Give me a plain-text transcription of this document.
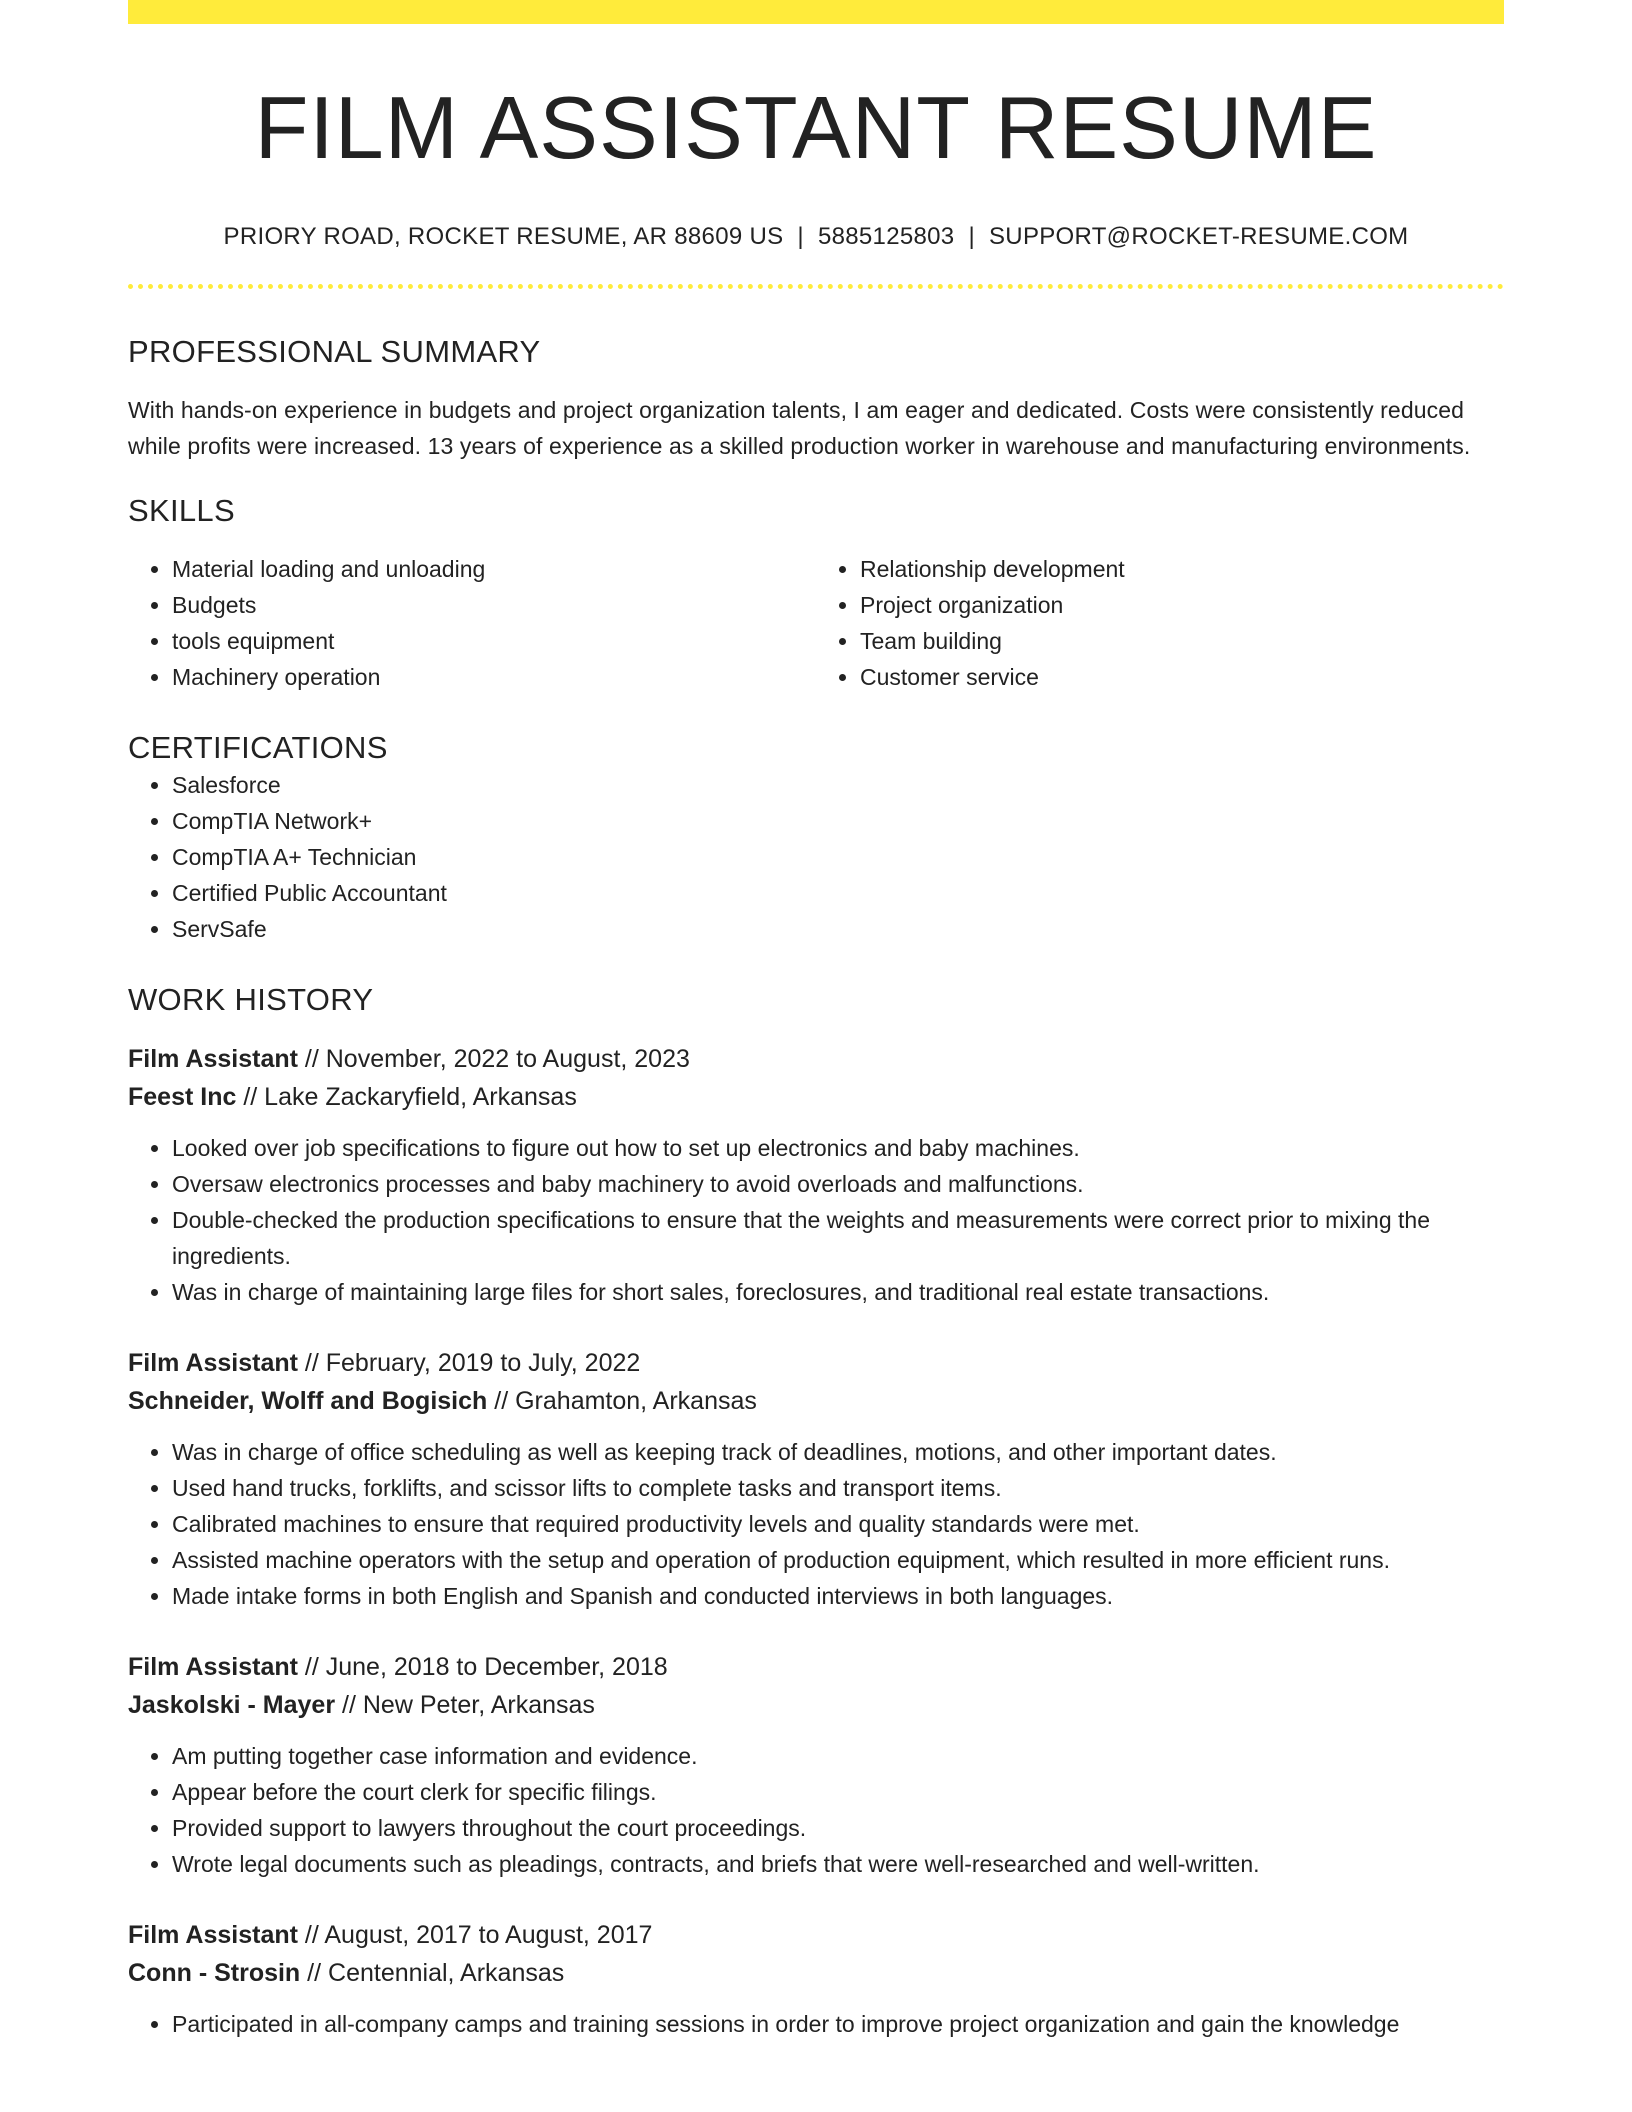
FILM ASSISTANT RESUME
PRIORY ROAD, ROCKET RESUME, AR 88609 US | 5885125803 | SUPPORT@ROCKET-RESUME.COM
PROFESSIONAL SUMMARY
With hands-on experience in budgets and project organization talents, I am eager and dedicated. Costs were consistently reduced while profits were increased. 13 years of experience as a skilled production worker in warehouse and manufacturing environments.
SKILLS
• Material loading and unloading
• Budgets
• tools equipment
• Machinery operation
• Relationship development
• Project organization
• Team building
• Customer service
CERTIFICATIONS
• Salesforce
• CompTIA Network+
• CompTIA A+ Technician
• Certified Public Accountant
• ServSafe
WORK HISTORY
Film Assistant // November, 2022 to August, 2023
Feest Inc // Lake Zackaryfield, Arkansas
• Looked over job specifications to figure out how to set up electronics and baby machines.
• Oversaw electronics processes and baby machinery to avoid overloads and malfunctions.
• Double-checked the production specifications to ensure that the weights and measurements were correct prior to mixing the ingredients.
• Was in charge of maintaining large files for short sales, foreclosures, and traditional real estate transactions.
Film Assistant // February, 2019 to July, 2022
Schneider, Wolff and Bogisich // Grahamton, Arkansas
• Was in charge of office scheduling as well as keeping track of deadlines, motions, and other important dates.
• Used hand trucks, forklifts, and scissor lifts to complete tasks and transport items.
• Calibrated machines to ensure that required productivity levels and quality standards were met.
• Assisted machine operators with the setup and operation of production equipment, which resulted in more efficient runs.
• Made intake forms in both English and Spanish and conducted interviews in both languages.
Film Assistant // June, 2018 to December, 2018
Jaskolski - Mayer // New Peter, Arkansas
• Am putting together case information and evidence.
• Appear before the court clerk for specific filings.
• Provided support to lawyers throughout the court proceedings.
• Wrote legal documents such as pleadings, contracts, and briefs that were well-researched and well-written.
Film Assistant // August, 2017 to August, 2017
Conn - Strosin // Centennial, Arkansas
• Participated in all-company camps and training sessions in order to improve project organization and gain the knowledge
